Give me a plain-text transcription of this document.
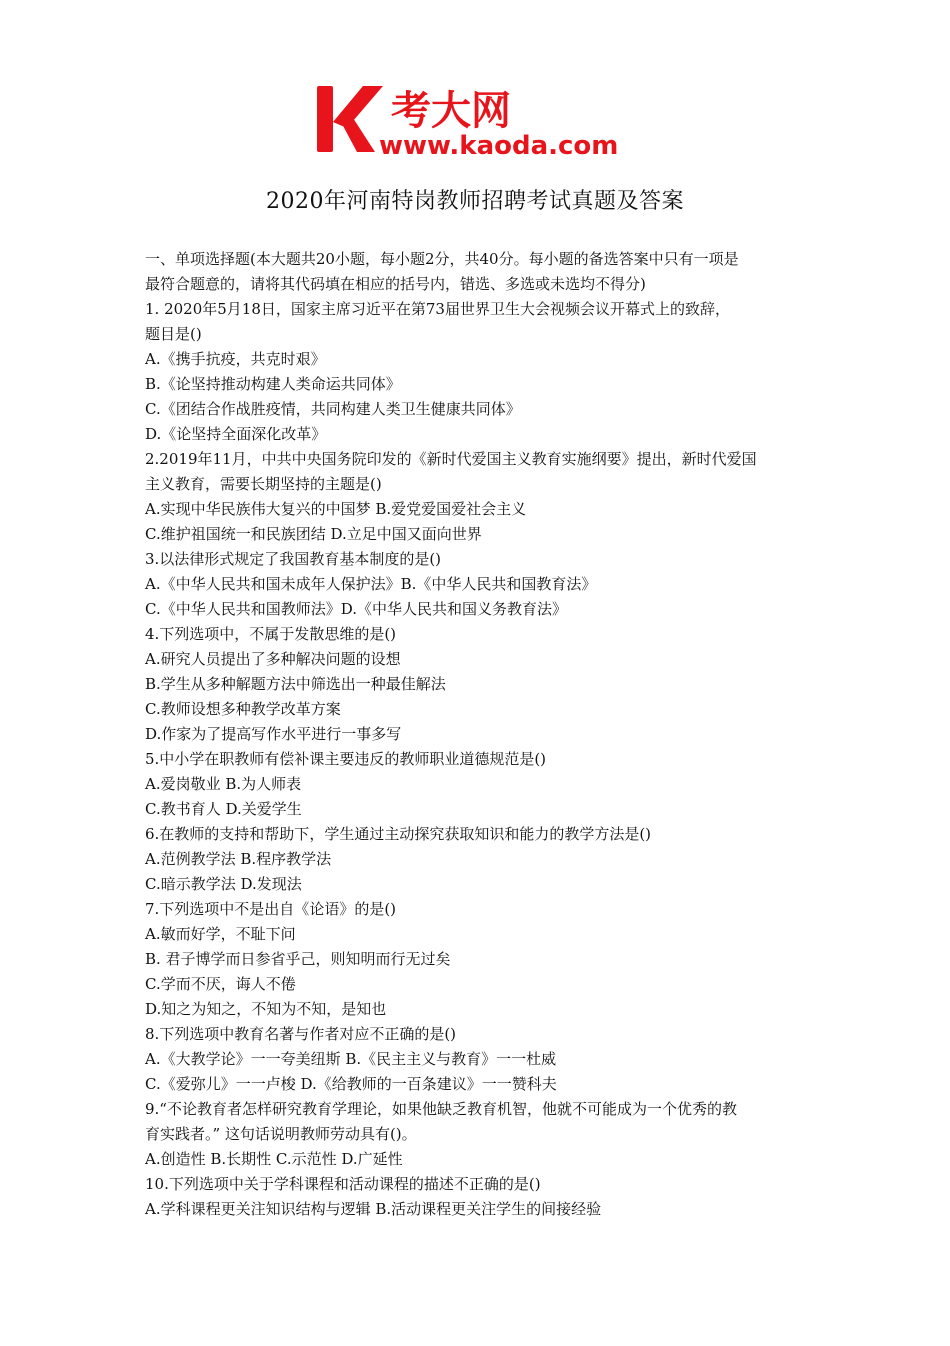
考大网
www.kaoda.com
2020年河南特岗教师招聘考试真题及答案
一、单项选择题(本大题共20小题，每小题2分，共40分。每小题的备选答案中只有一项是
最符合题意的，请将其代码填在相应的括号内，错选、多选或未选均不得分)
1. 2020年5月18日，国家主席习近平在第73届世界卫生大会视频会议开幕式上的致辞，
题目是()
A.《携手抗疫，共克时艰》
B.《论坚持推动构建人类命运共同体》
C.《团结合作战胜疫情，共同构建人类卫生健康共同体》
D.《论坚持全面深化改革》
2.2019年11月，中共中央国务院印发的《新时代爱国主义教育实施纲要》提出，新时代爱国
主义教育，需要长期坚持的主题是()
A.实现中华民族伟大复兴的中国梦 B.爱党爱国爱社会主义
C.维护祖国统一和民族团结 D.立足中国又面向世界
3.以法律形式规定了我国教育基本制度的是()
A.《中华人民共和国未成年人保护法》B.《中华人民共和国教育法》
C.《中华人民共和国教师法》D.《中华人民共和国义务教育法》
4.下列选项中，不属于发散思维的是()
A.研究人员提出了多种解决问题的设想
B.学生从多种解题方法中筛选出一种最佳解法
C.教师设想多种教学改革方案
D.作家为了提高写作水平进行一事多写
5.中小学在职教师有偿补课主要违反的教师职业道德规范是()
A.爱岗敬业 B.为人师表
C.教书育人 D.关爱学生
6.在教师的支持和帮助下，学生通过主动探究获取知识和能力的教学方法是()
A.范例教学法 B.程序教学法
C.暗示教学法 D.发现法
7.下列选项中不是出自《论语》的是()
A.敏而好学，不耻下问
B. 君子博学而日参省乎己，则知明而行无过矣
C.学而不厌，诲人不倦
D.知之为知之，不知为不知，是知也
8.下列选项中教育名著与作者对应不正确的是()
A.《大教学论》一一夸美纽斯 B.《民主主义与教育》一一杜威
C.《爱弥儿》一一卢梭 D.《给教师的一百条建议》一一赞科夫
9.“不论教育者怎样研究教育学理论，如果他缺乏教育机智，他就不可能成为一个优秀的教
育实践者。” 这句话说明教师劳动具有()。
A.创造性 B.长期性 C.示范性 D.广延性
10.下列选项中关于学科课程和活动课程的描述不正确的是()
A.学科课程更关注知识结构与逻辑 B.活动课程更关注学生的间接经验
